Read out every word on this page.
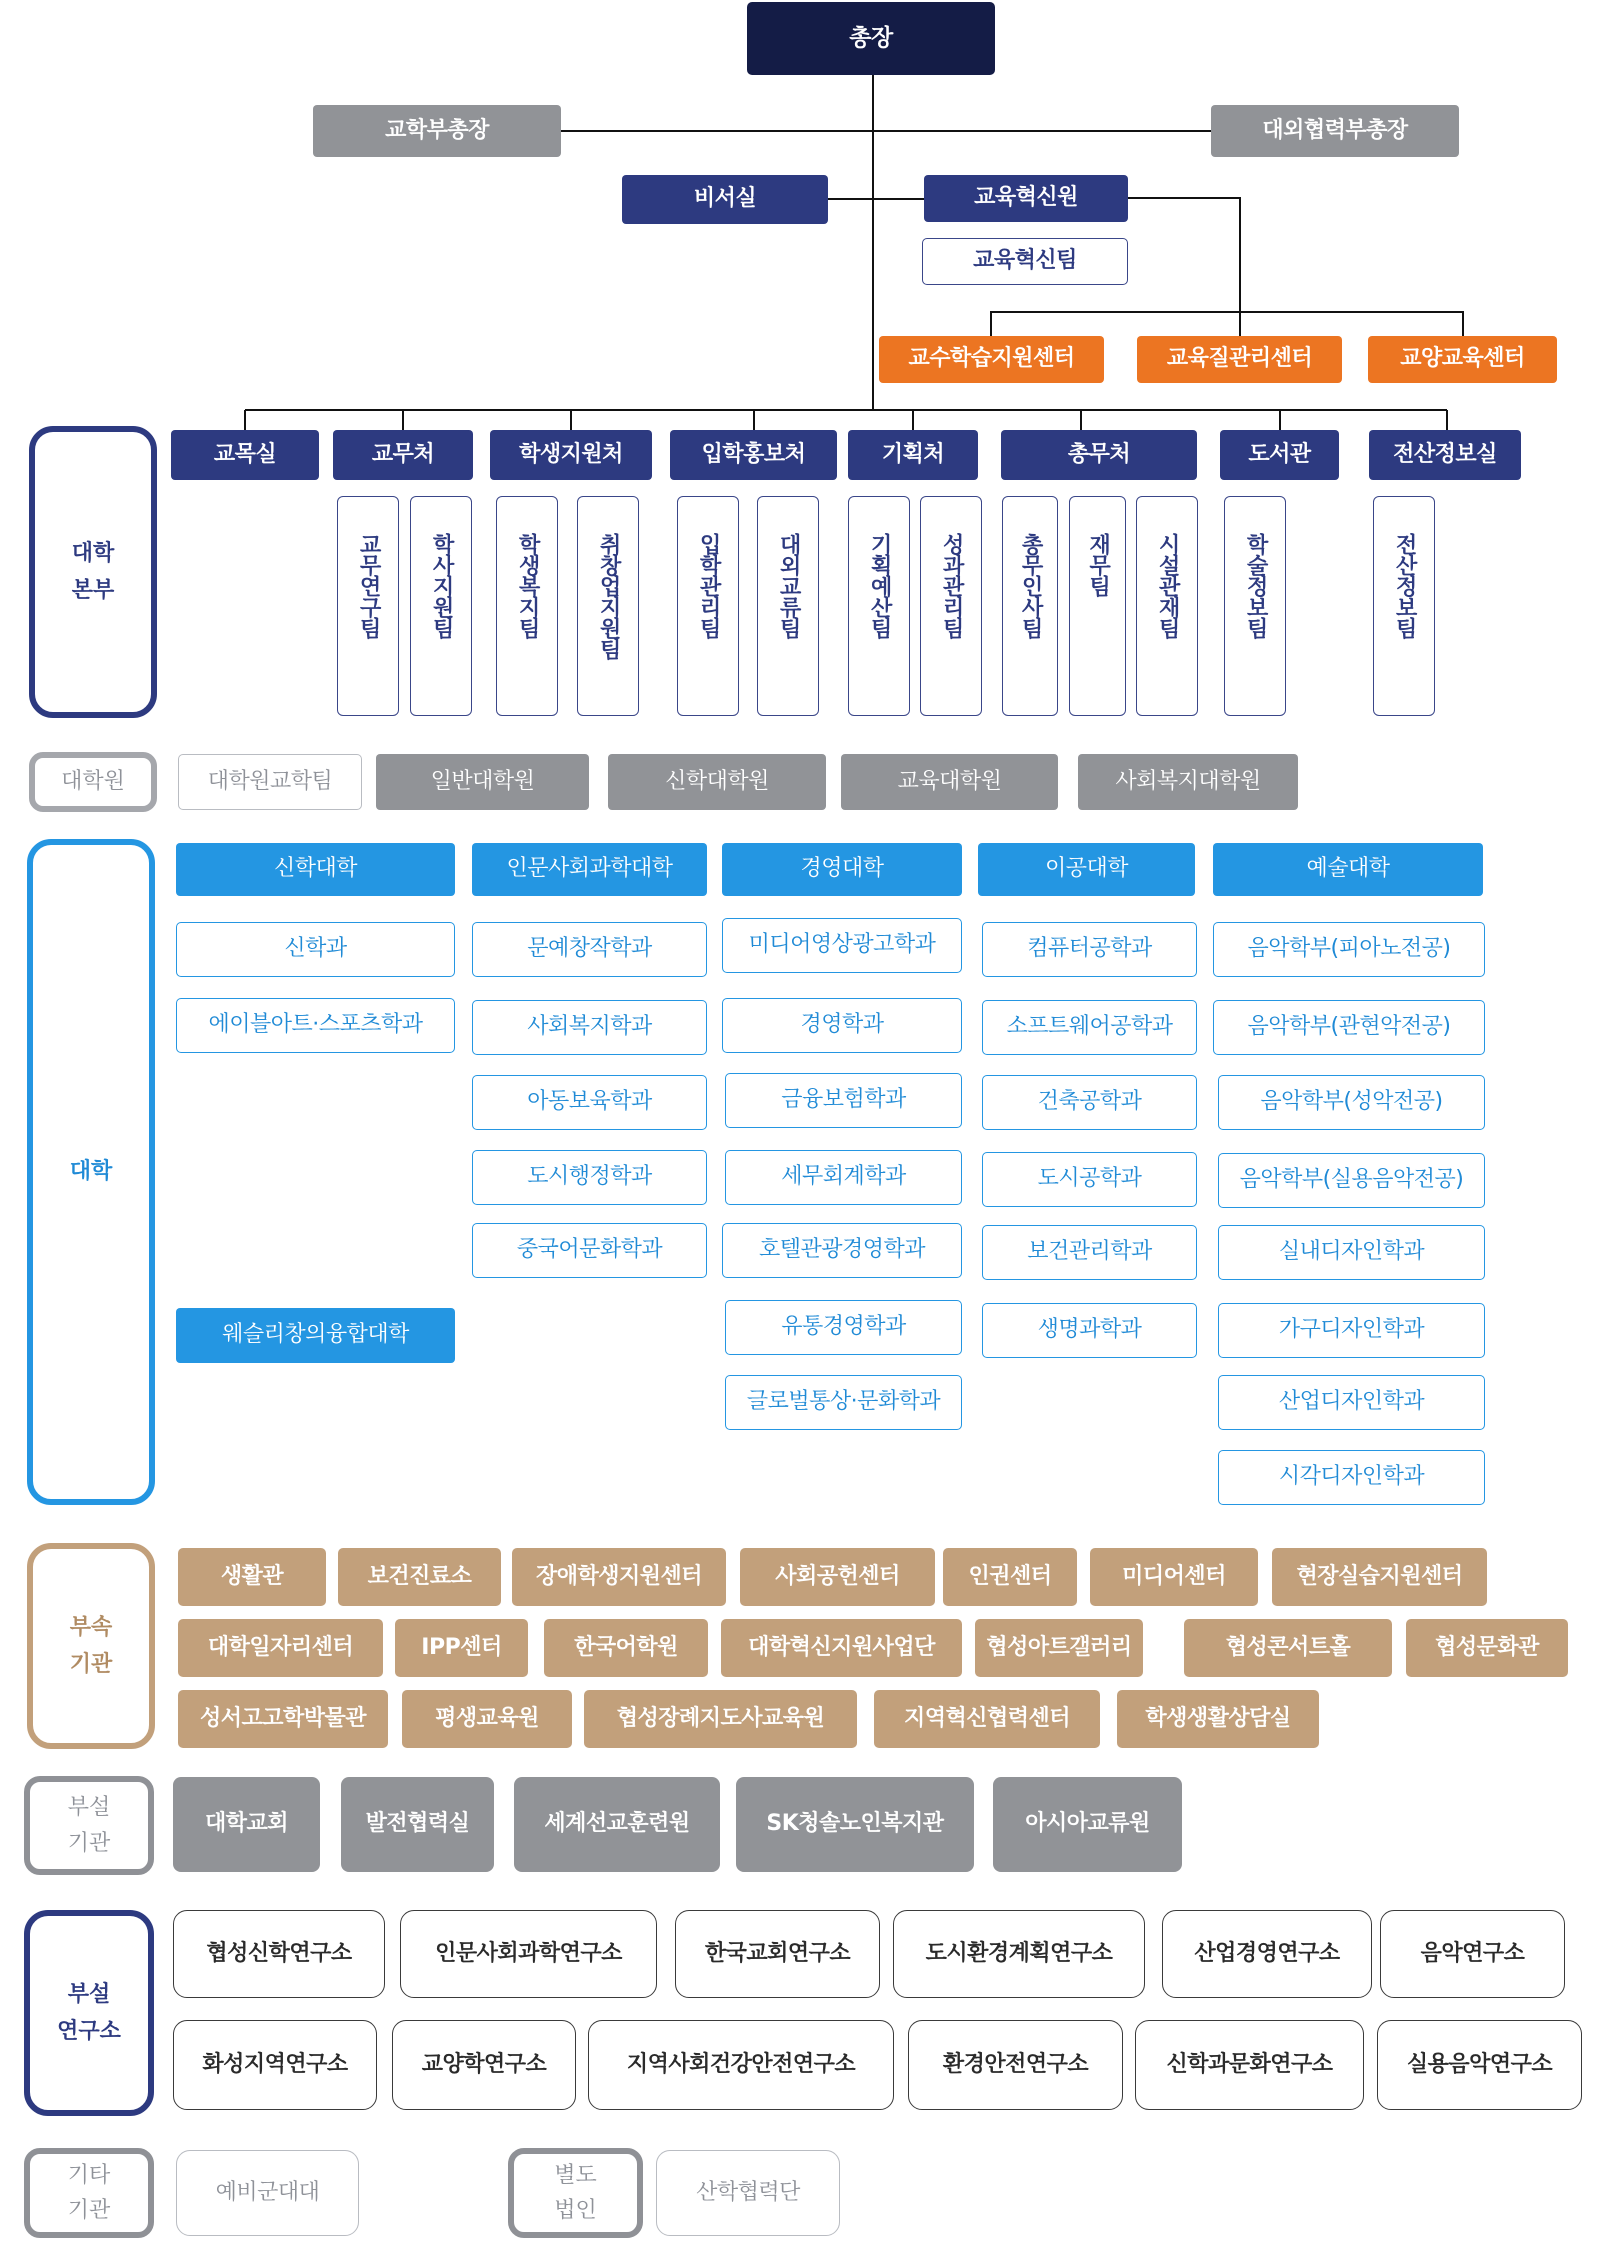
총장
교학부총장	대외협력부총장
비서실	교육혁신원
교육혁신팀
교수학습지원센터	교육질관리센터	교양교육센터
대학
본부
교목실	교무처	학생지원처	입학홍보처	기획처	총무처	도서관	전산정보실
교무연구팀 학사지원팀	학생복지팀	취창업지원팀	입학관리팀	대외교류팀	기획예산팀 성과관리팀 총무인사팀 재무팀 시설관재팀	학술정보팀	전산정보팀
대학원	대학원교학팀	일반대학원	신학대학원	교육대학원	사회복지대학원
대학
신학대학	인문사회과학대학	경영대학	이공대학	예술대학
신학과
에이블아트·스포츠학과
웨슬리창의융합대학
문예창작학과
사회복지학과
아동보육학과
도시행정학과
중국어문화학과
미디어영상광고학과
경영학과
금융보험학과
세무회계학과
호텔관광경영학과
유통경영학과
글로벌통상·문화학과
컴퓨터공학과
소프트웨어공학과
건축공학과
도시공학과
보건관리학과
생명과학과
음악학부(피아노전공)
음악학부(관현악전공)
음악학부(성악전공)
음악학부(실용음악전공)
실내디자인학과
가구디자인학과
산업디자인학과
시각디자인학과
부속
기관
생활관	보건진료소	장애학생지원센터	사회공헌센터	인권센터	미디어센터	현장실습지원센터
대학일자리센터	IPP센터	한국어학원	대학혁신지원사업단	협성아트갤러리	협성콘서트홀	협성문화관
성서고고학박물관	평생교육원	협성장례지도사교육원	지역혁신협력센터	학생생활상담실
부설
기관
대학교회	발전협력실	세계선교훈련원	SK청솔노인복지관	아시아교류원
부설
연구소
협성신학연구소	인문사회과학연구소	한국교회연구소	도시환경계획연구소	산업경영연구소	음악연구소
화성지역연구소	교양학연구소	지역사회건강안전연구소	환경안전연구소	신학과문화연구소	실용음악연구소
기타
기관
예비군대대
별도
법인
산학협력단
